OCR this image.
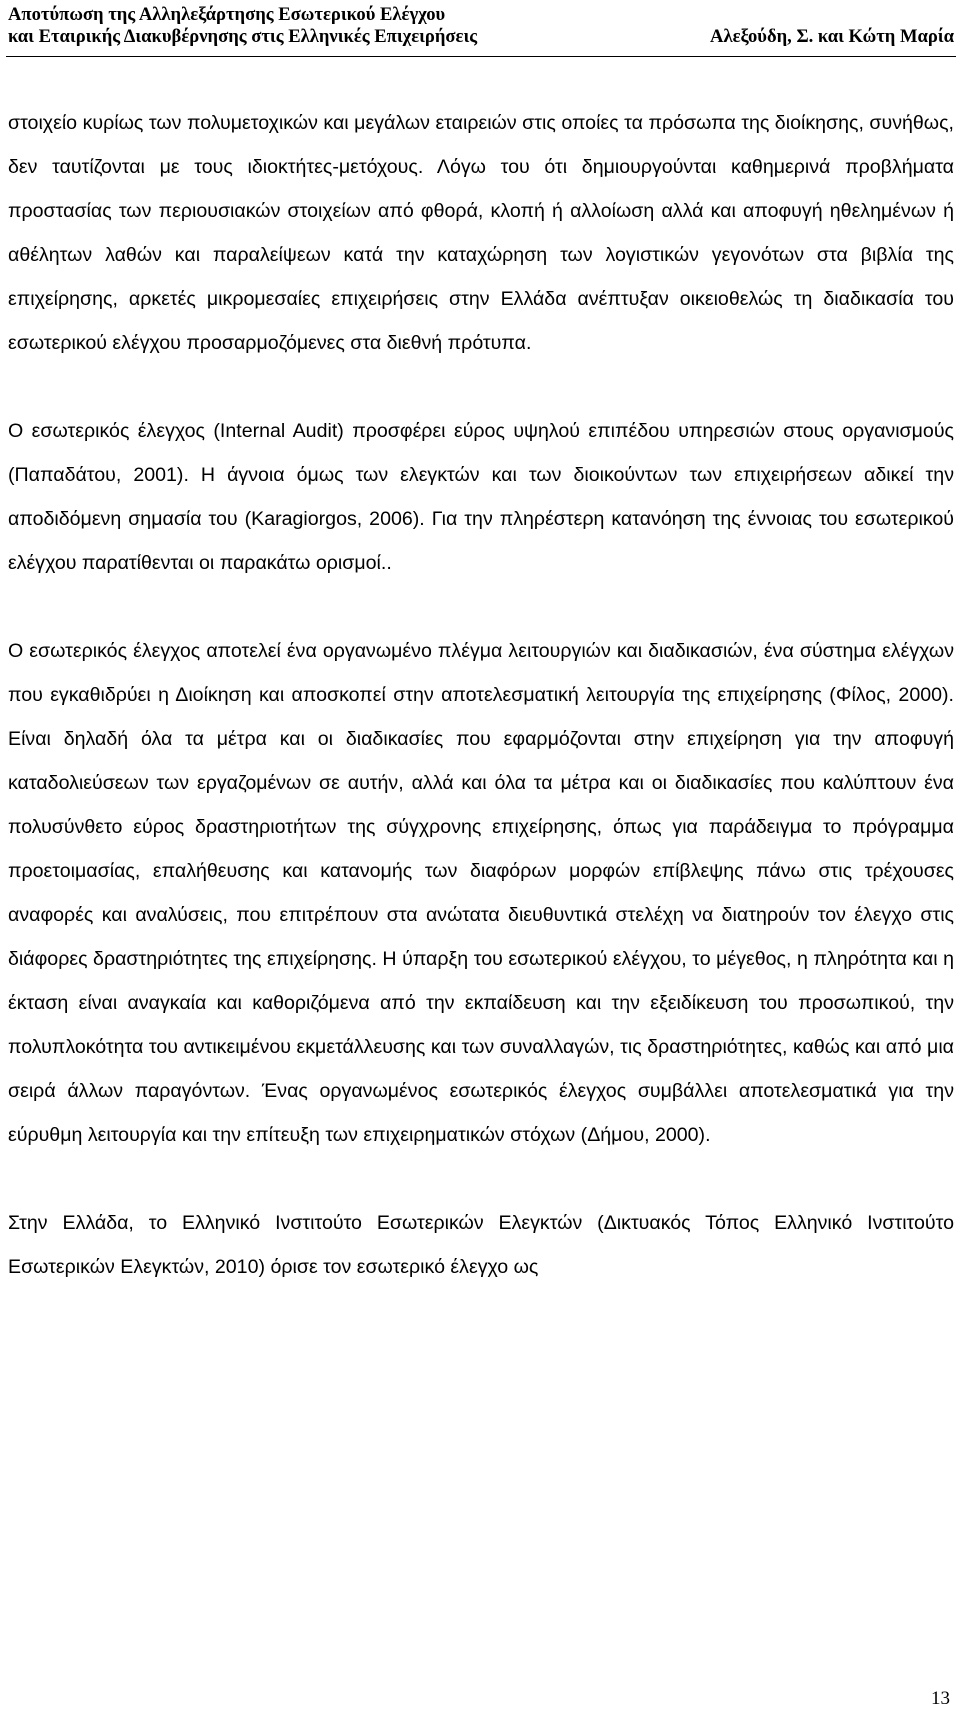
Αποτύπωση της Αλληλεξάρτησης Εσωτερικού Ελέγχου
και Εταιρικής Διακυβέρνησης στις Ελληνικές Επιχειρήσεις	Αλεξούδη, Σ. και Κώτη Μαρία

στοιχείο κυρίως των πολυμετοχικών και μεγάλων εταιρειών στις οποίες τα πρόσωπα της διοίκησης, συνήθως, δεν ταυτίζονται με τους ιδιοκτήτες-μετόχους. Λόγω του ότι δημιουργούνται καθημερινά προβλήματα προστασίας των περιουσιακών στοιχείων από φθορά, κλοπή ή αλλοίωση αλλά και αποφυγή ηθελημένων ή αθέλητων λαθών και παραλείψεων κατά την καταχώρηση των λογιστικών γεγονότων στα βιβλία της επιχείρησης, αρκετές μικρομεσαίες επιχειρήσεις στην Ελλάδα ανέπτυξαν οικειοθελώς τη διαδικασία του εσωτερικού ελέγχου προσαρμοζόμενες στα διεθνή πρότυπα.

Ο εσωτερικός έλεγχος (Internal Audit) προσφέρει εύρος υψηλού επιπέδου υπηρεσιών στους οργανισμούς (Παπαδάτου, 2001). Η άγνοια όμως των ελεγκτών και των διοικούντων των επιχειρήσεων αδικεί την αποδιδόμενη σημασία του (Karagiorgos, 2006). Για την πληρέστερη κατανόηση της έννοιας του εσωτερικού ελέγχου παρατίθενται οι παρακάτω ορισμοί..

Ο εσωτερικός έλεγχος αποτελεί ένα οργανωμένο πλέγμα λειτουργιών και διαδικασιών, ένα σύστημα ελέγχων που εγκαθιδρύει η Διοίκηση και αποσκοπεί στην αποτελεσματική λειτουργία της επιχείρησης (Φίλος, 2000). Είναι δηλαδή όλα τα μέτρα και οι διαδικασίες που εφαρμόζονται στην επιχείρηση για την αποφυγή καταδολιεύσεων των εργαζομένων σε αυτήν, αλλά και όλα τα μέτρα και οι διαδικασίες που καλύπτουν ένα πολυσύνθετο εύρος δραστηριοτήτων της σύγχρονης επιχείρησης, όπως για παράδειγμα το πρόγραμμα προετοιμασίας, επαλήθευσης και κατανομής των διαφόρων μορφών επίβλεψης πάνω στις τρέχουσες αναφορές και αναλύσεις, που επιτρέπουν στα ανώτατα διευθυντικά στελέχη να διατηρούν τον έλεγχο στις διάφορες δραστηριότητες της επιχείρησης. Η ύπαρξη του εσωτερικού ελέγχου, το μέγεθος, η πληρότητα και η έκταση είναι αναγκαία και καθοριζόμενα από την εκπαίδευση και την εξειδίκευση του προσωπικού, την πολυπλοκότητα του αντικειμένου εκμετάλλευσης και των συναλλαγών, τις δραστηριότητες, καθώς και από μια σειρά άλλων παραγόντων. Ένας οργανωμένος εσωτερικός έλεγχος συμβάλλει αποτελεσματικά για την εύρυθμη λειτουργία και την επίτευξη των επιχειρηματικών στόχων (Δήμου, 2000).

Στην Ελλάδα, το Ελληνικό Ινστιτούτο Εσωτερικών Ελεγκτών (Δικτυακός Τόπος Ελληνικό Ινστιτούτο Εσωτερικών Ελεγκτών, 2010) όρισε τον εσωτερικό έλεγχο ως

13
